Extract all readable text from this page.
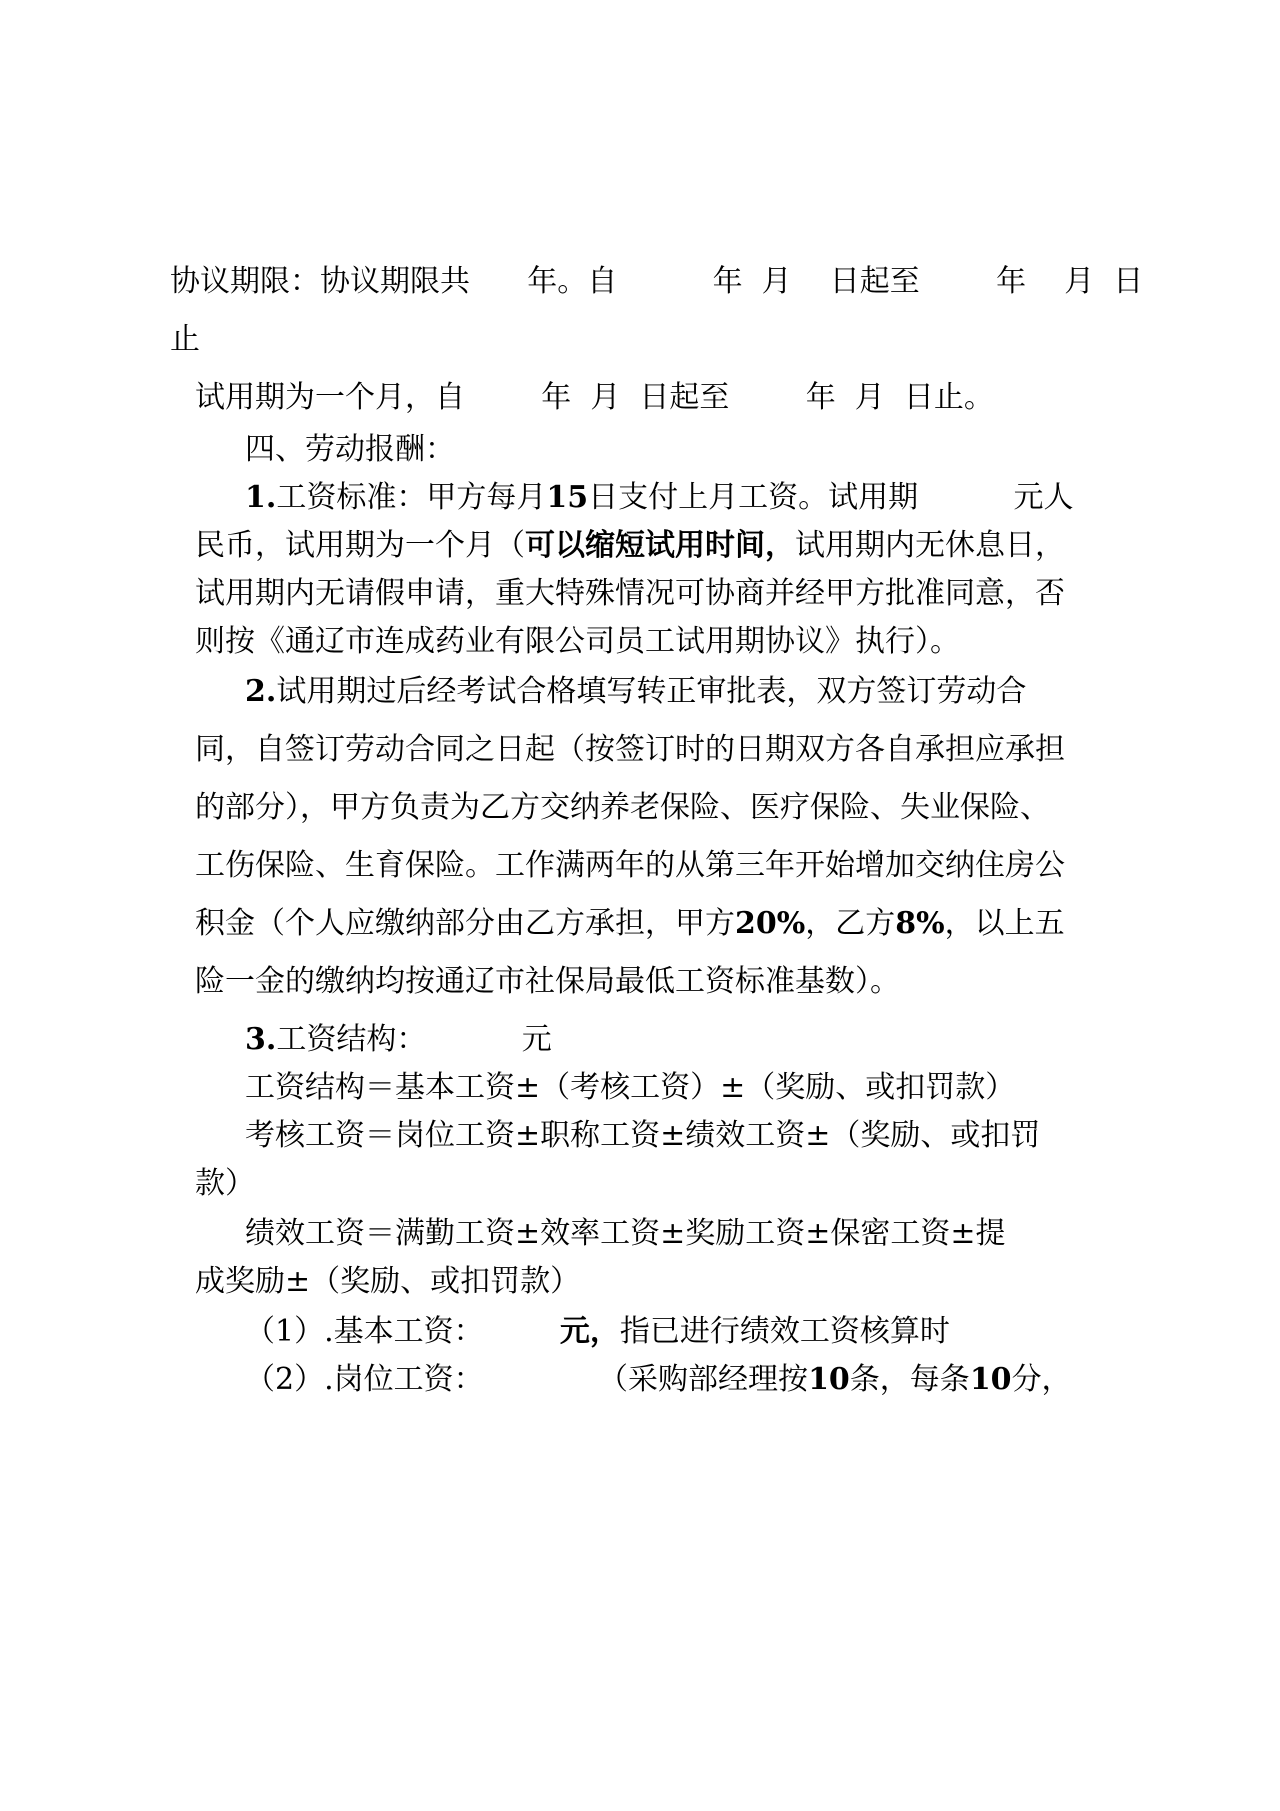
协议期限：协议期限共      年。自          年  月    日起至        年    月  日

止

试用期为一个月，自        年  月  日起至        年  月  日止。

四、劳动报酬：

1.工资标准：甲方每月15日支付上月工资。试用期          元人

民币，试用期为一个月（可以缩短试用时间，试用期内无休息日，

试用期内无请假申请，重大特殊情况可协商并经甲方批准同意，否

则按《通辽市连成药业有限公司员工试用期协议》执行）。

2.试用期过后经考试合格填写转正审批表，双方签订劳动合

同，自签订劳动合同之日起（按签订时的日期双方各自承担应承担

的部分），甲方负责为乙方交纳养老保险、医疗保险、失业保险、

工伤保险、生育保险。工作满两年的从第三年开始增加交纳住房公

积金（个人应缴纳部分由乙方承担，甲方20%，乙方8%，以上五

险一金的缴纳均按通辽市社保局最低工资标准基数）。

3.工资结构：          元

工资结构＝基本工资±（考核工资）±（奖励、或扣罚款）

考核工资＝岗位工资±职称工资±绩效工资±（奖励、或扣罚

款）

绩效工资＝满勤工资±效率工资±奖励工资±保密工资±提

成奖励±（奖励、或扣罚款）

（1）.基本工资：        元，指已进行绩效工资核算时

（2）.岗位工资：            （采购部经理按10条，每条10分，
